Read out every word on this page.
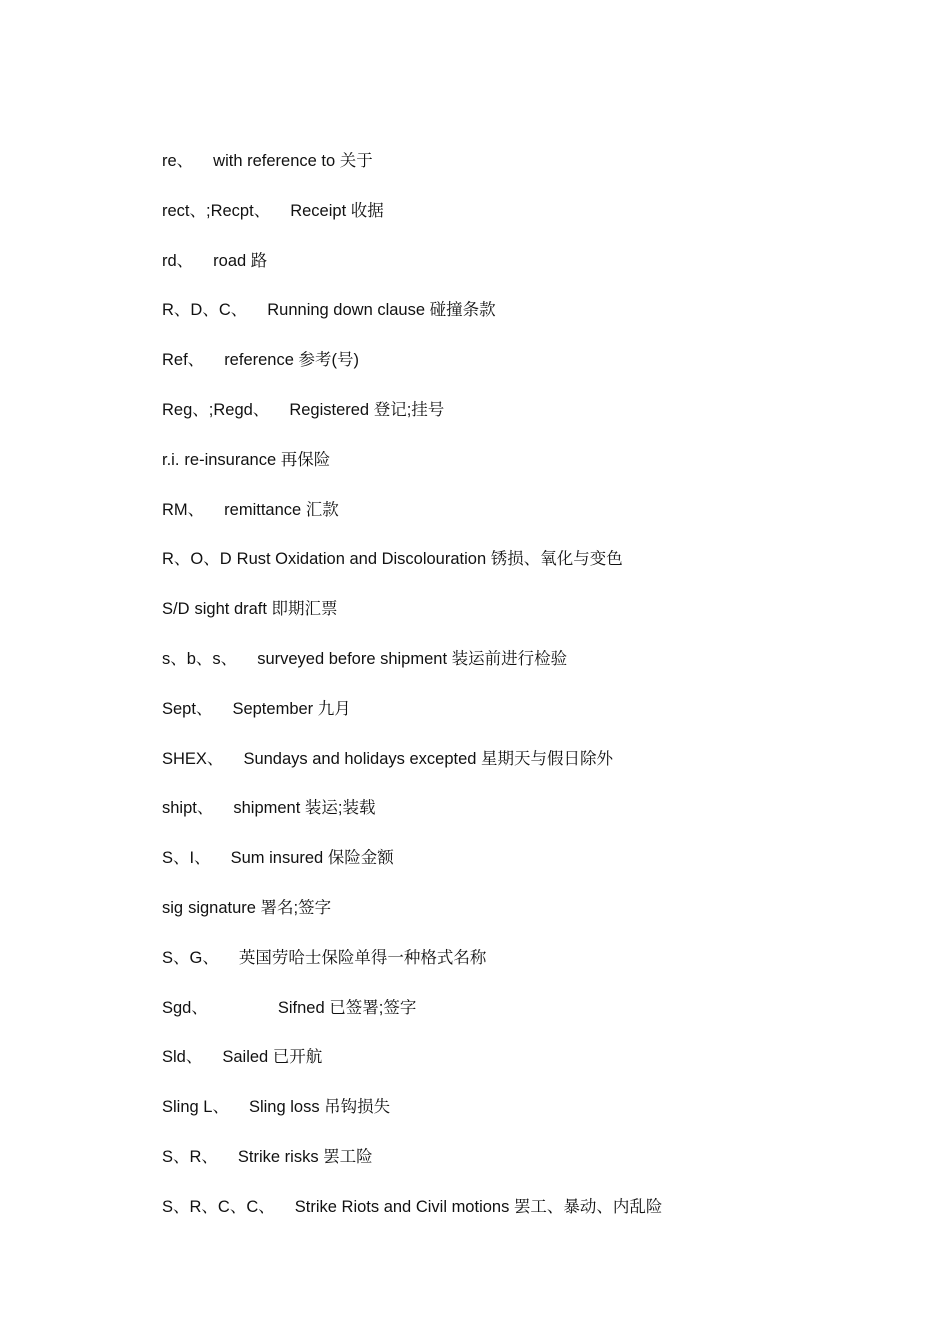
re、 with reference to 关于
rect、;Recpt、 Receipt 收据
rd、 road 路
R、D、C、 Running down clause 碰撞条款
Ref、 reference 参考(号)
Reg、;Regd、 Registered 登记;挂号
r.i. re-insurance 再保险
RM、 remittance 汇款
R、O、D Rust Oxidation and Discolouration 锈损、氧化与变色
S/D sight draft 即期汇票
s、b、s、 surveyed before shipment 装运前进行检验
Sept、 September 九月
SHEX、 Sundays and holidays excepted 星期天与假日除外
shipt、 shipment 装运;装载
S、I、 Sum insured 保险金额
sig signature 署名;签字
S、G、 英国劳哈士保险单得一种格式名称
Sgd、	Sifned 已签署;签字
Sld、 Sailed 已开航
Sling L、 Sling loss 吊钩损失
S、R、 Strike risks 罢工险
S、R、C、C、 Strike Riots and Civil motions 罢工、暴动、内乱险
